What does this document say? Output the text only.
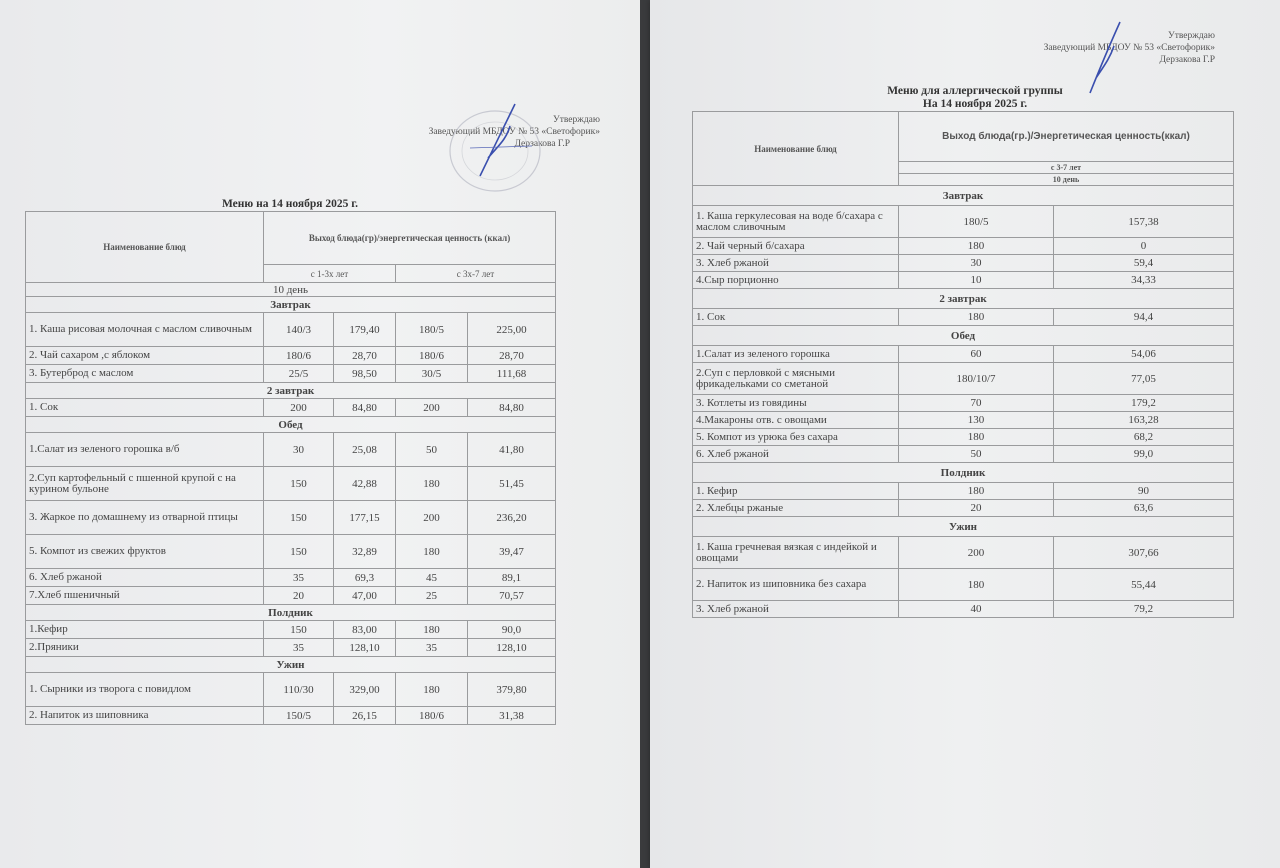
Утверждаю
Заведующий МБДОУ № 53 «Светофорик»
Дерзакова Г.Р
Меню на 14 ноября 2025 г.
Наименование блюд	Выход блюда(гр)/энергетическая ценность (ккал)			
	с 1-3х лет		с 3х-7 лет	
10 день				
Завтрак				
1. Каша рисовая молочная с маслом сливочным	140/3	179,40	180/5	225,00
2. Чай сахаром ,с яблоком	180/6	28,70	180/6	28,70
3. Бутерброд с маслом	25/5	98,50	30/5	111,68
2 завтрак				
1. Сок	200	84,80	200	84,80
Обед				
1.Салат из зеленого горошка в/б	30	25,08	50	41,80
2.Суп картофельный с пшенной крупой с на курином бульоне	150	42,88	180	51,45
3. Жаркое по домашнему из отварной птицы	150	177,15	200	236,20
5. Компот из свежих фруктов	150	32,89	180	39,47
6. Хлеб ржаной	35	69,3	45	89,1
7.Хлеб пшеничный	20	47,00	25	70,57
Полдник				
1.Кефир	150	83,00	180	90,0
2.Пряники	35	128,10	35	128,10
Ужин				
1. Сырники из творога с повидлом	110/30	329,00	180	379,80
2. Напиток из шиповника	150/5	26,15	180/6	31,38
Утверждаю
Заведующий МБДОУ № 53 «Светофорик»
Дерзакова Г.Р
Меню для аллергической группы
На 14 ноября 2025 г.
Наименование блюд	Выход блюда(гр.)/Энергетическая ценность(ккал)	
	с 3-7 лет	
	10 день	
Завтрак		
1. Каша геркулесовая на воде б/сахара с маслом сливочным	180/5	157,38
2. Чай черный б/сахара	180	0
3. Хлеб ржаной	30	59,4
4.Сыр порционно	10	34,33
2 завтрак		
1. Сок	180	94,4
Обед		
1.Салат из зеленого горошка	60	54,06
2.Суп с перловкой с мясными фрикадельками со сметаной	180/10/7	77,05
3. Котлеты из говядины	70	179,2
4.Макароны отв. с овощами	130	163,28
5. Компот из урюка без сахара	180	68,2
6. Хлеб ржаной	50	99,0
Полдник		
1. Кефир	180	90
2. Хлебцы ржаные	20	63,6
Ужин		
1. Каша гречневая вязкая с индейкой и овощами	200	307,66
2. Напиток из шиповника без сахара	180	55,44
3. Хлеб ржаной	40	79,2
